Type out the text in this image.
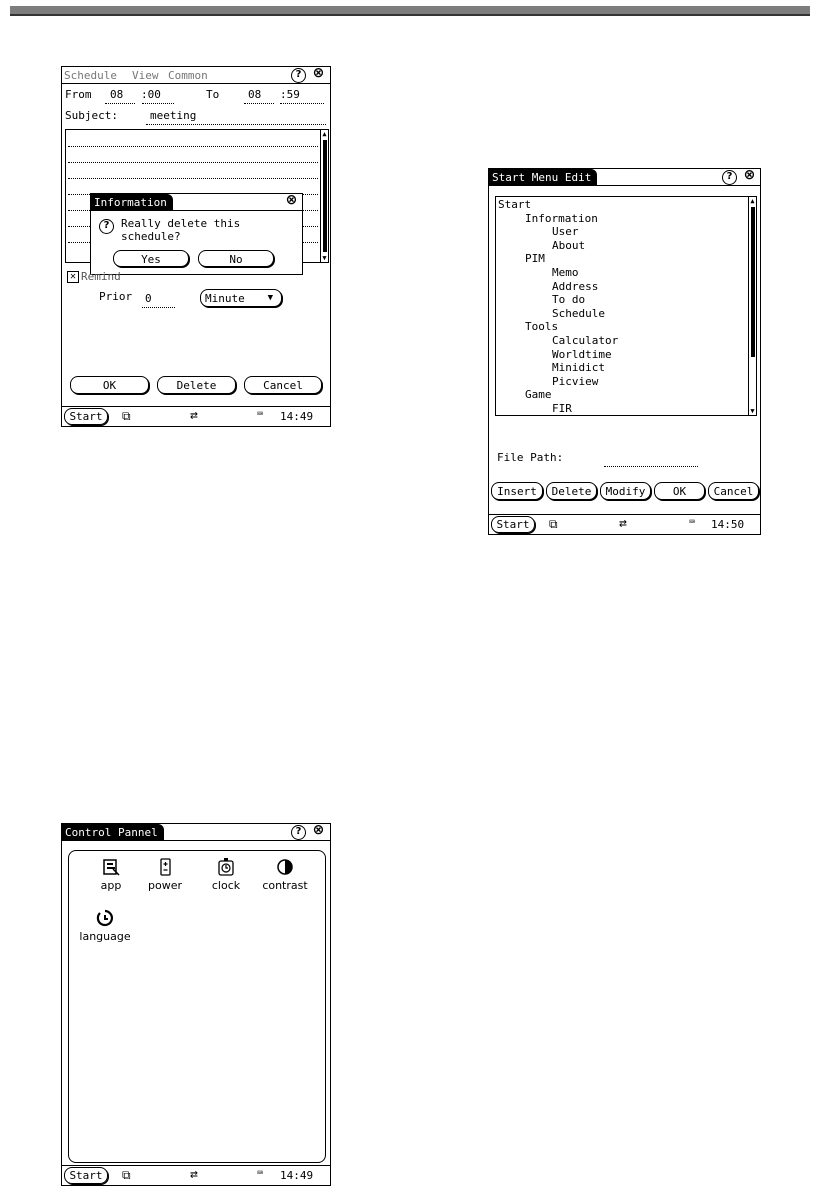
Schedule View Common	? ⊗
From 08 :00	To	08 :59
Subject:	meeting
▲
▼
Information	⊗
?	Really delete this
schedule?
Yes	No
✕ Remind
Prior 0	Minute	▼
OK	Delete	Cancel
Start	⧉	⇄	⌨ 14:49
Start Menu Edit	? ⊗
Start
Information
User
About
PIM
Memo
Address
To do
Schedule
Tools
Calculator
Worldtime
Minidict
Picview
Game
FIR
▲
▼
File Path:
Insert	Delete	Modify	OK	Cancel
Start	⧉	⇄	⌨ 14:50
Control Pannel	? ⊗
app	power	clock	contrast
language
Start	⧉	⇄	⌨ 14:49
